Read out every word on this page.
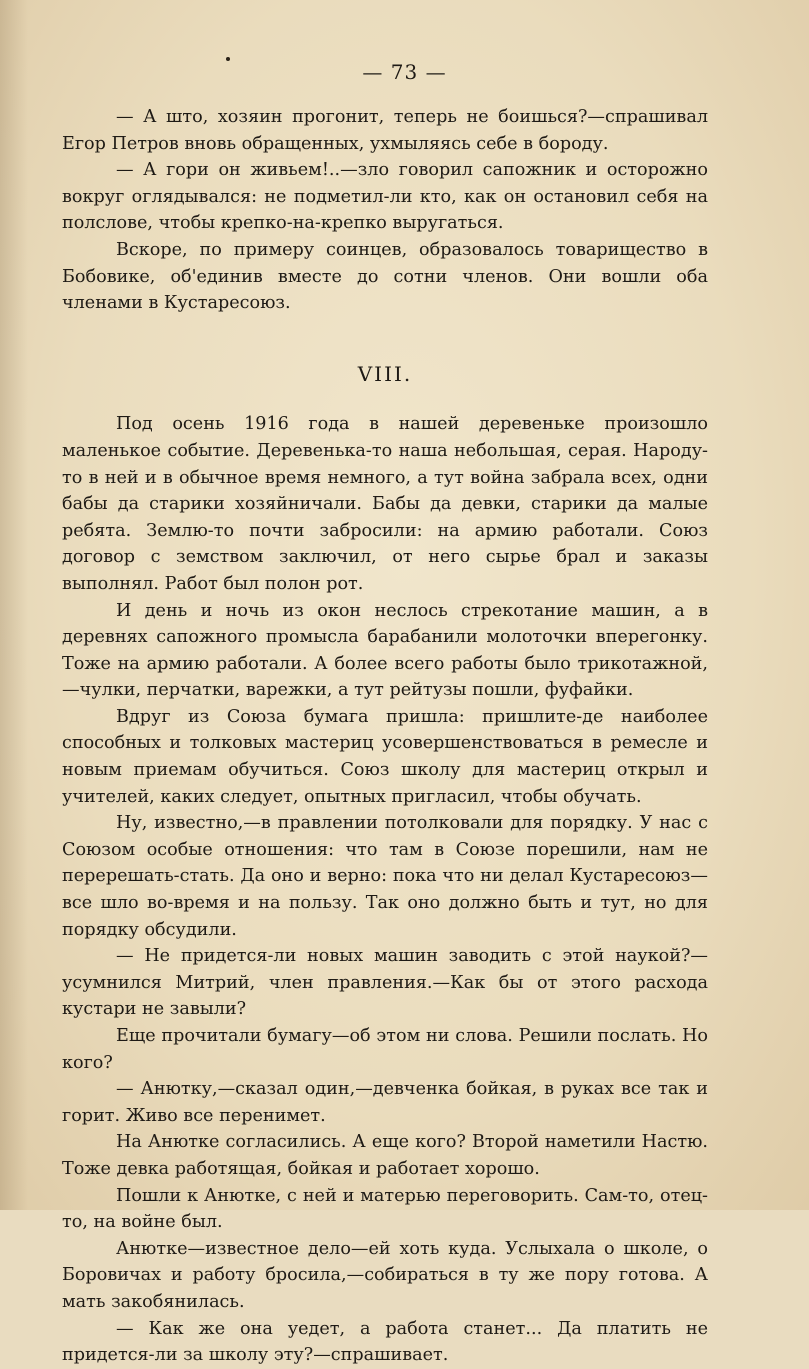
— 73 —

— А што, хозяин прогонит, теперь не боишься?—спрашивал Егор Петров вновь обращенных, ухмыляясь себе в бороду.

— А гори он живьем!..—зло говорил сапожник и осторожно вокруг оглядывался: не подметил-ли кто, как он остановил себя на полслове, чтобы крепко-на-крепко выругаться.

Вскоре, по примеру соинцев, образовалось товарищество в Бобовике, об'единив вместе до сотни членов. Они вошли оба членами в Кустаресоюз.

VIII.

Под осень 1916 года в нашей деревеньке произошло маленькое событие. Деревенька-то наша небольшая, серая. Народу-то в ней и в обычное время немного, а тут война забрала всех, одни бабы да старики хозяйничали. Бабы да девки, старики да малые ребята. Землю-то почти забросили: на армию работали. Союз договор с земством заключил, от него сырье брал и заказы выполнял. Работ был полон рот.

И день и ночь из окон неслось стрекотание машин, а в деревнях сапожного промысла барабанили молоточки вперегонку. Тоже на армию работали. А более всего работы было трикотажной,—чулки, перчатки, варежки, а тут рейтузы пошли, фуфайки.

Вдруг из Союза бумага пришла: пришлите-де наиболее способных и толковых мастериц усовершенствоваться в ремесле и новым приемам обучиться. Союз школу для мастериц открыл и учителей, каких следует, опытных пригласил, чтобы обучать.

Ну, известно,—в правлении потолковали для порядку. У нас с Союзом особые отношения: что там в Союзе порешили, нам не перерешать-стать. Да оно и верно: пока что ни делал Кустаресоюз—все шло во-время и на пользу. Так оно должно быть и тут, но для порядку обсудили.

— Не придется-ли новых машин заводить с этой наукой?—усумнился Митрий, член правления.—Как бы от этого расхода кустари не завыли?

Еще прочитали бумагу—об этом ни слова. Решили послать. Но кого?

— Анютку,—сказал один,—девченка бойкая, в руках все так и горит. Живо все перенимет.

На Анютке согласились. А еще кого? Второй наметили Настю. Тоже девка работящая, бойкая и работает хорошо.

Пошли к Анютке, с ней и матерью переговорить. Сам-то, отец-то, на войне был.

Анютке—известное дело—ей хоть куда. Услыхала о школе, о Боровичах и работу бросила,—собираться в ту же пору готова. А мать закобянилась.

— Как же она уедет, а работа станет... Да платить не придется-ли за школу эту?—спрашивает.
